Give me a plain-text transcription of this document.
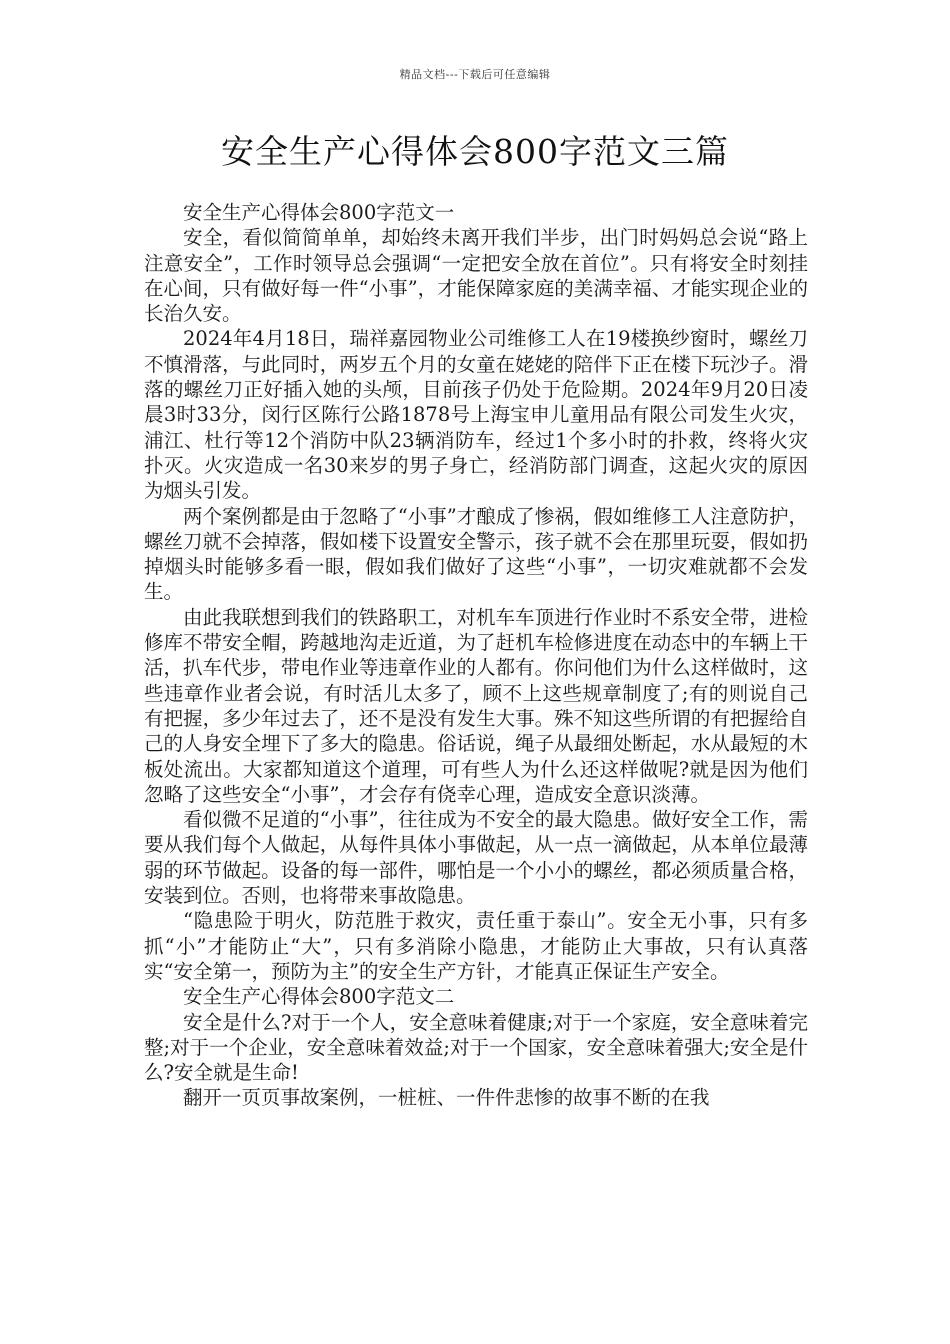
精品文档---下载后可任意编辑
安全生产心得体会800字范文三篇
安全生产心得体会800字范文一

安全，看似简简单单，却始终未离开我们半步，出门时妈妈总会说“路上注意安全”，工作时领导总会强调“一定把安全放在首位”。只有将安全时刻挂在心间，只有做好每一件“小事”，才能保障家庭的美满幸福、才能实现企业的长治久安。

2024年4月18日，瑞祥嘉园物业公司维修工人在19楼换纱窗时，螺丝刀不慎滑落，与此同时，两岁五个月的女童在姥姥的陪伴下正在楼下玩沙子。滑落的螺丝刀正好插入她的头颅，目前孩子仍处于危险期。2024年9月20日凌晨3时33分，闵行区陈行公路1878号上海宝申儿童用品有限公司发生火灾，浦江、杜行等12个消防中队23辆消防车，经过1个多小时的扑救，终将火灾扑灭。火灾造成一名30来岁的男子身亡，经消防部门调查，这起火灾的原因为烟头引发。

两个案例都是由于忽略了“小事”才酿成了惨祸，假如维修工人注意防护，螺丝刀就不会掉落，假如楼下设置安全警示，孩子就不会在那里玩耍，假如扔掉烟头时能够多看一眼，假如我们做好了这些“小事”，一切灾难就都不会发生。

由此我联想到我们的铁路职工，对机车车顶进行作业时不系安全带，进检修库不带安全帽，跨越地沟走近道，为了赶机车检修进度在动态中的车辆上干活，扒车代步，带电作业等违章作业的人都有。你问他们为什么这样做时，这些违章作业者会说，有时活儿太多了，顾不上这些规章制度了;有的则说自己有把握，多少年过去了，还不是没有发生大事。殊不知这些所谓的有把握给自己的人身安全埋下了多大的隐患。俗话说，绳子从最细处断起，水从最短的木板处流出。大家都知道这个道理，可有些人为什么还这样做呢?就是因为他们忽略了这些安全“小事”，才会存有侥幸心理，造成安全意识淡薄。

看似微不足道的“小事”，往往成为不安全的最大隐患。做好安全工作，需要从我们每个人做起，从每件具体小事做起，从一点一滴做起，从本单位最薄弱的环节做起。设备的每一部件，哪怕是一个小小的螺丝，都必须质量合格，安装到位。否则，也将带来事故隐患。

“隐患险于明火，防范胜于救灾，责任重于泰山”。安全无小事，只有多抓“小”才能防止“大”，只有多消除小隐患，才能防止大事故，只有认真落实“安全第一，预防为主”的安全生产方针，才能真正保证生产安全。

安全生产心得体会800字范文二

安全是什么?对于一个人，安全意味着健康;对于一个家庭，安全意味着完整;对于一个企业，安全意味着效益;对于一个国家，安全意味着强大;安全是什么?安全就是生命!

翻开一页页事故案例，一桩桩、一件件悲惨的故事不断的在我
